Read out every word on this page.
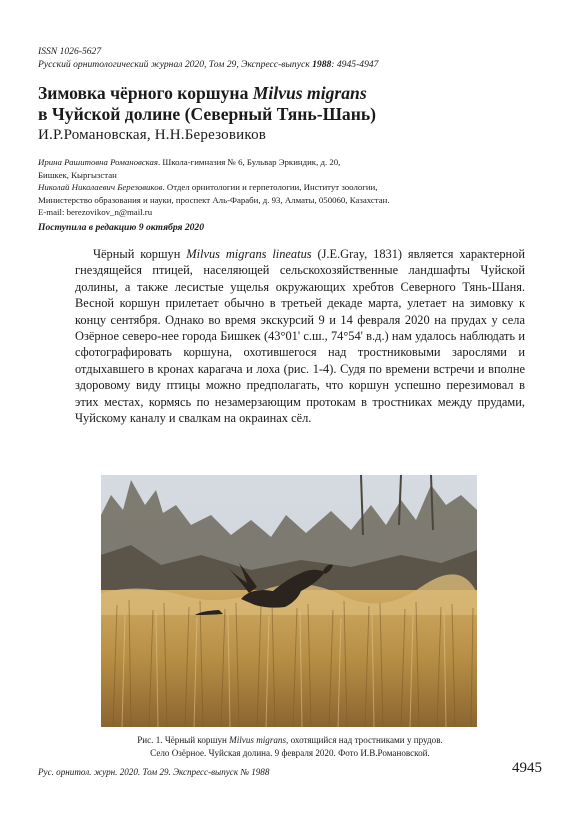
ISSN 1026-5627
Русский орнитологический журнал 2020, Том 29, Экспресс-выпуск 1988: 4945-4947
Зимовка чёрного коршуна Milvus migrans
в Чуйской долине (Северный Тянь-Шань)
И.Р.Романовская, Н.Н.Березовиков
Ирина Рашитовна Романовская. Школа-гимназия № 6, Бульвар Эркиндик, д. 20,
Бишкек, Кыргызстан
Николай Николаевич Березовиков. Отдел орнитологии и герпетологии, Институт зоологии,
Министерство образования и науки, проспект Аль-Фараби, д. 93, Алматы, 050060, Казахстан.
E-mail: berezovikov_n@mail.ru
Поступила в редакцию 9 октября 2020

Чёрный коршун Milvus migrans lineatus (J.E.Gray, 1831) является характерной гнездящейся птицей, населяющей сельскохозяйственные ландшафты Чуйской долины, а также лесистые ущелья окружающих хребтов Северного Тянь-Шаня. Весной коршун прилетает обычно в третьей декаде марта, улетает на зимовку к концу сентября. Однако во время экскурсий 9 и 14 февраля 2020 на прудах у села Озёрное северо-нее города Бишкек (43°01' с.ш., 74°54' в.д.) нам удалось наблюдать и сфотографировать коршуна, охотившегося над тростниковыми зарослями и отдыхавшего в кронах карагача и лоха (рис. 1-4). Судя по времени встречи и вполне здоровому виду птицы можно предполагать, что коршун успешно перезимовал в этих местах, кормясь по незамерзающим протокам в тростниках между прудами, Чуйскому каналу и свалкам на окраинах сёл.

Рис. 1. Чёрный коршун Milvus migrans, охотящийся над тростниками у прудов.
Село Озёрное. Чуйская долина. 9 февраля 2020. Фото И.В.Романовской.
Рус. орнитол. журн. 2020. Том 29. Экспресс-выпуск № 1988	4945
